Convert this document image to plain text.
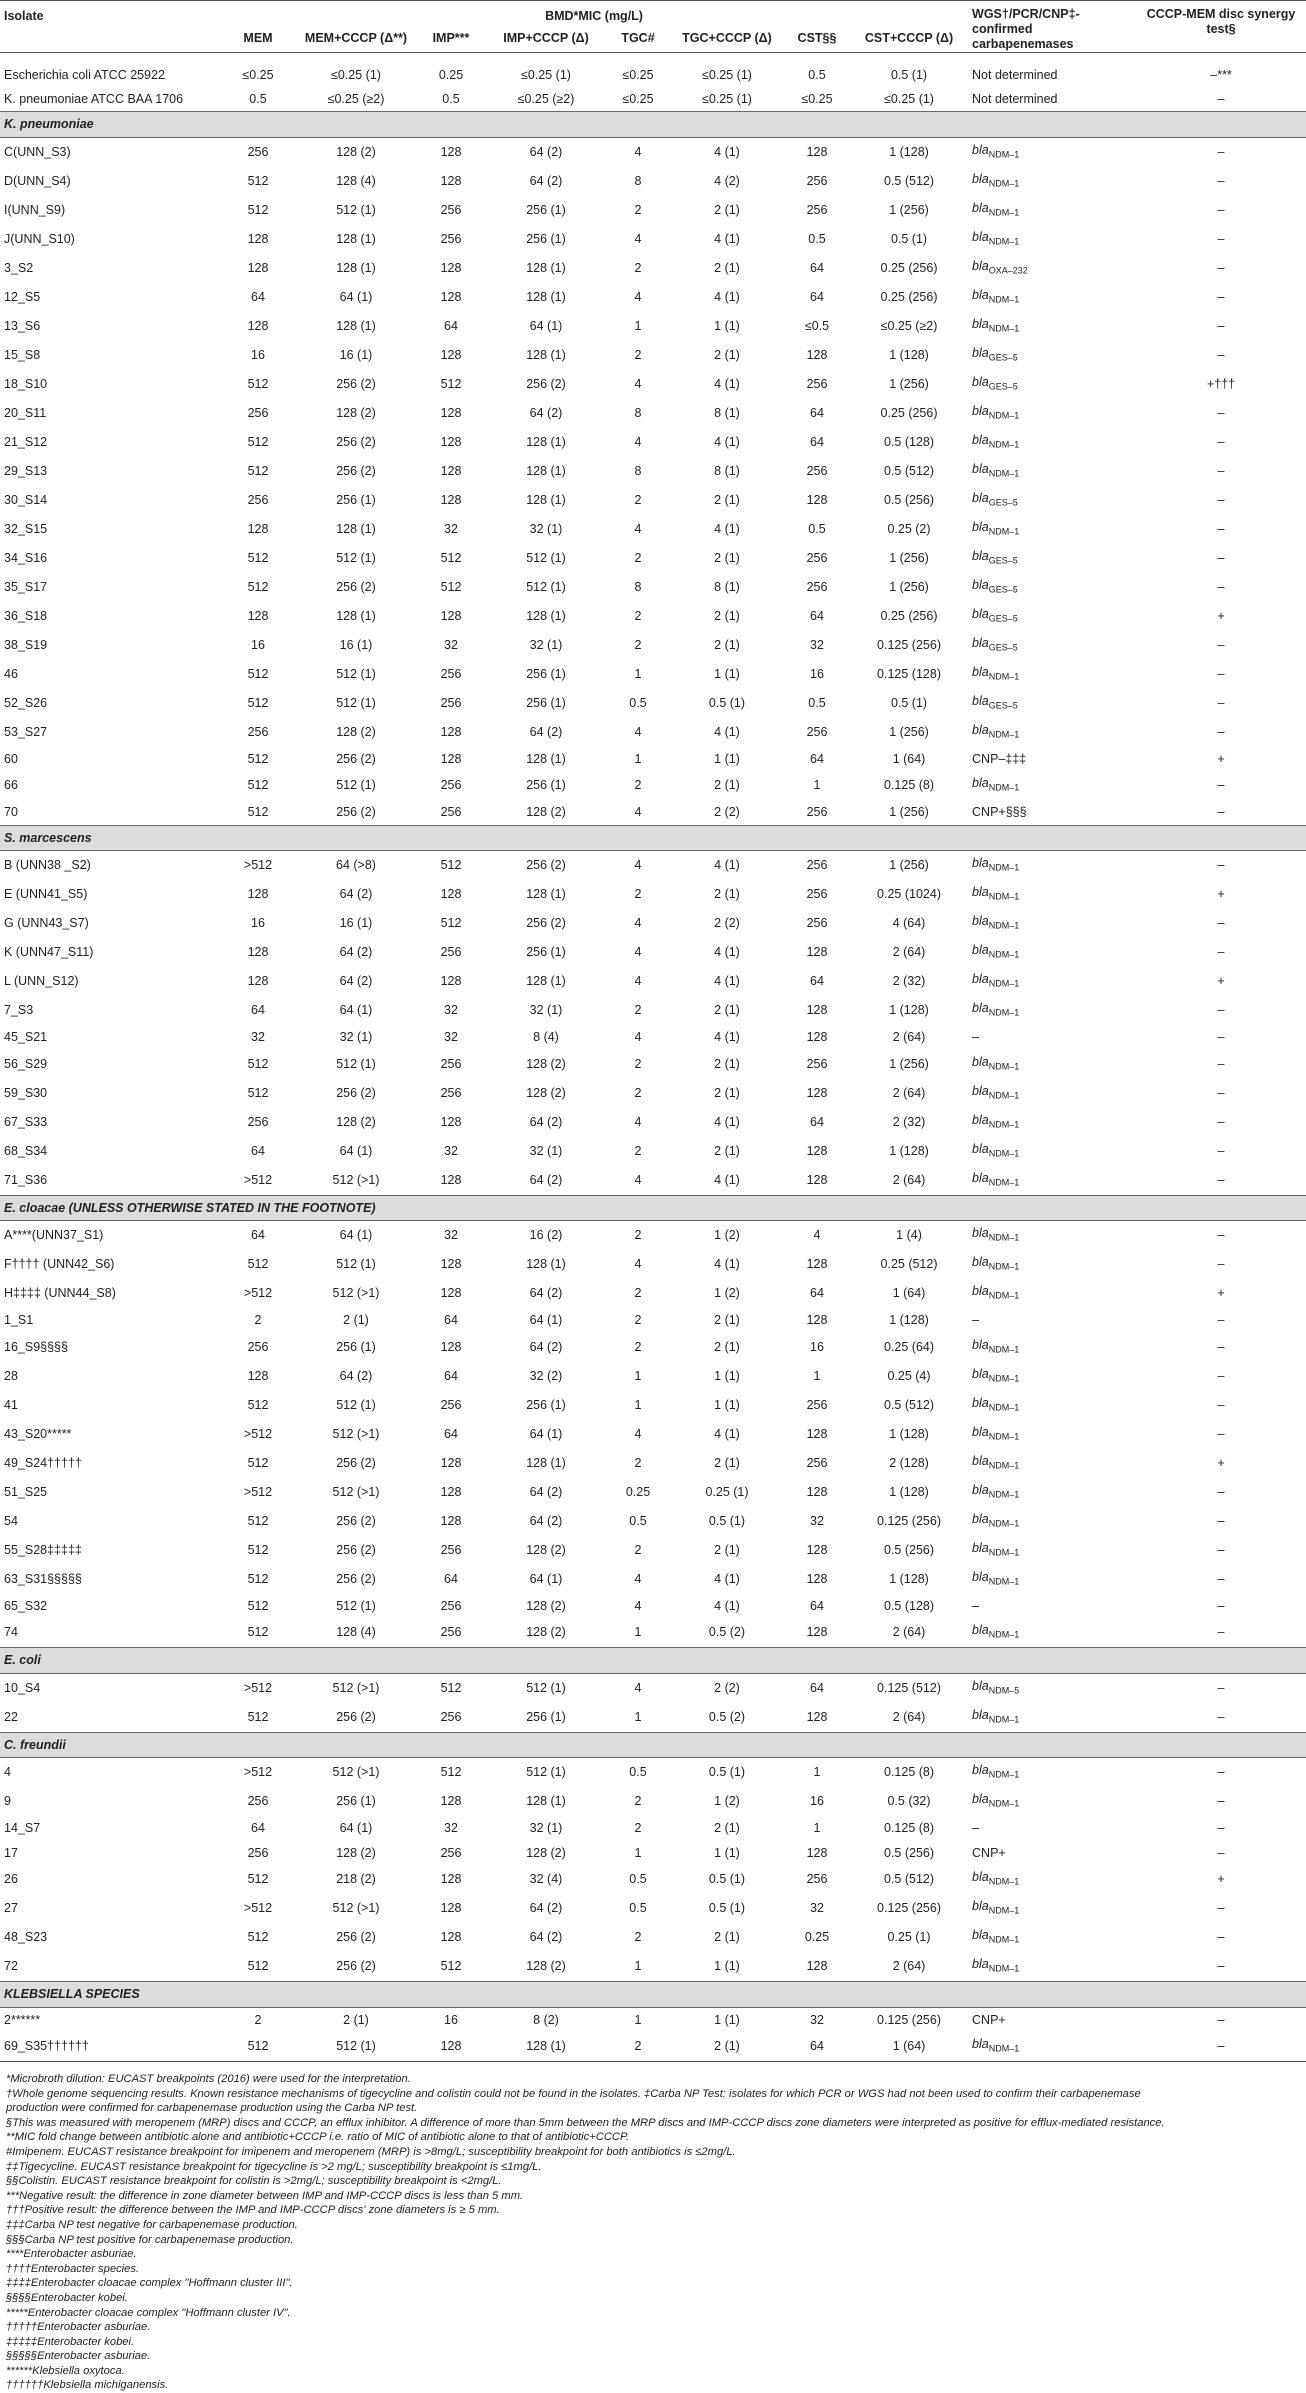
Isolate	BMD*MIC (mg/L)								WGS†/PCR/CNP‡-confirmed carbapenemases	CCCP-MEM disc synergy test§
	MEM	MEM+CCCP (Δ**)	IMP***	IMP+CCCP (Δ)	TGC#	TGC+CCCP (Δ)	CST§§	CST+CCCP (Δ)		

Escherichia coli ATCC 25922	≤0.25	≤0.25 (1)	0.25	≤0.25 (1)	≤0.25	≤0.25 (1)	0.5	0.5 (1)	Not determined	–***
K. pneumoniae ATCC BAA 1706	0.5	≤0.25 (≥2)	0.5	≤0.25 (≥2)	≤0.25	≤0.25 (1)	≤0.25	≤0.25 (1)	Not determined	–
K. pneumoniae										
C(UNN_S3)	256	128 (2)	128	64 (2)	4	4 (1)	128	1 (128)	bla$_{NDM-1}$	–
D(UNN_S4)	512	128 (4)	128	64 (2)	8	4 (2)	256	0.5 (512)	bla$_{NDM-1}$	–
I(UNN_S9)	512	512 (1)	256	256 (1)	2	2 (1)	256	1 (256)	bla$_{NDM-1}$	–
J(UNN_S10)	128	128 (1)	256	256 (1)	4	4 (1)	0.5	0.5 (1)	bla$_{NDM-1}$	–
3_S2	128	128 (1)	128	128 (1)	2	2 (1)	64	0.25 (256)	bla$_{OXA-232}$	–
12_S5	64	64 (1)	128	128 (1)	4	4 (1)	64	0.25 (256)	bla$_{NDM-1}$	–
13_S6	128	128 (1)	64	64 (1)	1	1 (1)	≤0.5	≤0.25 (≥2)	bla$_{NDM-1}$	–
15_S8	16	16 (1)	128	128 (1)	2	2 (1)	128	1 (128)	bla$_{GES-5}$	–
18_S10	512	256 (2)	512	256 (2)	4	4 (1)	256	1 (256)	bla$_{GES-5}$	+†††
20_S11	256	128 (2)	128	64 (2)	8	8 (1)	64	0.25 (256)	bla$_{NDM-1}$	–
21_S12	512	256 (2)	128	128 (1)	4	4 (1)	64	0.5 (128)	bla$_{NDM-1}$	–
29_S13	512	256 (2)	128	128 (1)	8	8 (1)	256	0.5 (512)	bla$_{NDM-1}$	–
30_S14	256	256 (1)	128	128 (1)	2	2 (1)	128	0.5 (256)	bla$_{GES-5}$	–
32_S15	128	128 (1)	32	32 (1)	4	4 (1)	0.5	0.25 (2)	bla$_{NDM-1}$	–
34_S16	512	512 (1)	512	512 (1)	2	2 (1)	256	1 (256)	bla$_{GES-5}$	–
35_S17	512	256 (2)	512	512 (1)	8	8 (1)	256	1 (256)	bla$_{GES-5}$	–
36_S18	128	128 (1)	128	128 (1)	2	2 (1)	64	0.25 (256)	bla$_{GES-5}$	+
38_S19	16	16 (1)	32	32 (1)	2	2 (1)	32	0.125 (256)	bla$_{GES-5}$	–
46	512	512 (1)	256	256 (1)	1	1 (1)	16	0.125 (128)	bla$_{NDM-1}$	–
52_S26	512	512 (1)	256	256 (1)	0.5	0.5 (1)	0.5	0.5 (1)	bla$_{GES-5}$	–
53_S27	256	128 (2)	128	64 (2)	4	4 (1)	256	1 (256)	bla$_{NDM-1}$	–
60	512	256 (2)	128	128 (1)	1	1 (1)	64	1 (64)	CNP–‡‡‡	+
66	512	512 (1)	256	256 (1)	2	2 (1)	1	0.125 (8)	bla$_{NDM-1}$	–
70	512	256 (2)	256	128 (2)	4	2 (2)	256	1 (256)	CNP+§§§	–
S. marcescens										
B (UNN38 _S2)	>512	64 (>8)	512	256 (2)	4	4 (1)	256	1 (256)	bla$_{NDM-1}$	–
E (UNN41_S5)	128	64 (2)	128	128 (1)	2	2 (1)	256	0.25 (1024)	bla$_{NDM-1}$	+
G (UNN43_S7)	16	16 (1)	512	256 (2)	4	2 (2)	256	4 (64)	bla$_{NDM-1}$	–
K (UNN47_S11)	128	64 (2)	256	256 (1)	4	4 (1)	128	2 (64)	bla$_{NDM-1}$	–
L (UNN_S12)	128	64 (2)	128	128 (1)	4	4 (1)	64	2 (32)	bla$_{NDM-1}$	+
7_S3	64	64 (1)	32	32 (1)	2	2 (1)	128	1 (128)	bla$_{NDM-1}$	–
45_S21	32	32 (1)	32	8 (4)	4	4 (1)	128	2 (64)	–	–
56_S29	512	512 (1)	256	128 (2)	2	2 (1)	256	1 (256)	bla$_{NDM-1}$	–
59_S30	512	256 (2)	256	128 (2)	2	2 (1)	128	2 (64)	bla$_{NDM-1}$	–
67_S33	256	128 (2)	128	64 (2)	4	4 (1)	64	2 (32)	bla$_{NDM-1}$	–
68_S34	64	64 (1)	32	32 (1)	2	2 (1)	128	1 (128)	bla$_{NDM-1}$	–
71_S36	>512	512 (>1)	128	64 (2)	4	4 (1)	128	2 (64)	bla$_{NDM-1}$	–
E. cloacae (UNLESS OTHERWISE STATED IN THE FOOTNOTE)										
A****(UNN37_S1)	64	64 (1)	32	16 (2)	2	1 (2)	4	1 (4)	bla$_{NDM-1}$	–
F†††† (UNN42_S6)	512	512 (1)	128	128 (1)	4	4 (1)	128	0.25 (512)	bla$_{NDM-1}$	–
H‡‡‡‡ (UNN44_S8)	>512	512 (>1)	128	64 (2)	2	1 (2)	64	1 (64)	bla$_{NDM-1}$	+
1_S1	2	2 (1)	64	64 (1)	2	2 (1)	128	1 (128)	–	–
16_S9§§§§	256	256 (1)	128	64 (2)	2	2 (1)	16	0.25 (64)	bla$_{NDM-1}$	–
28	128	64 (2)	64	32 (2)	1	1 (1)	1	0.25 (4)	bla$_{NDM-1}$	–
41	512	512 (1)	256	256 (1)	1	1 (1)	256	0.5 (512)	bla$_{NDM-1}$	–
43_S20*****	>512	512 (>1)	64	64 (1)	4	4 (1)	128	1 (128)	bla$_{NDM-1}$	–
49_S24†††††	512	256 (2)	128	128 (1)	2	2 (1)	256	2 (128)	bla$_{NDM-1}$	+
51_S25	>512	512 (>1)	128	64 (2)	0.25	0.25 (1)	128	1 (128)	bla$_{NDM-1}$	–
54	512	256 (2)	128	64 (2)	0.5	0.5 (1)	32	0.125 (256)	bla$_{NDM-1}$	–
55_S28‡‡‡‡‡	512	256 (2)	256	128 (2)	2	2 (1)	128	0.5 (256)	bla$_{NDM-1}$	–
63_S31§§§§§	512	256 (2)	64	64 (1)	4	4 (1)	128	1 (128)	bla$_{NDM-1}$	–
65_S32	512	512 (1)	256	128 (2)	4	4 (1)	64	0.5 (128)	–	–
74	512	128 (4)	256	128 (2)	1	0.5 (2)	128	2 (64)	bla$_{NDM-1}$	–
E. coli										
10_S4	>512	512 (>1)	512	512 (1)	4	2 (2)	64	0.125 (512)	bla$_{NDM-5}$	–
22	512	256 (2)	256	256 (1)	1	0.5 (2)	128	2 (64)	bla$_{NDM-1}$	–
C. freundii										
4	>512	512 (>1)	512	512 (1)	0.5	0.5 (1)	1	0.125 (8)	bla$_{NDM-1}$	–
9	256	256 (1)	128	128 (1)	2	1 (2)	16	0.5 (32)	bla$_{NDM-1}$	–
14_S7	64	64 (1)	32	32 (1)	2	2 (1)	1	0.125 (8)	–	–
17	256	128 (2)	256	128 (2)	1	1 (1)	128	0.5 (256)	CNP+	–
26	512	218 (2)	128	32 (4)	0.5	0.5 (1)	256	0.5 (512)	bla$_{NDM-1}$	+
27	>512	512 (>1)	128	64 (2)	0.5	0.5 (1)	32	0.125 (256)	bla$_{NDM-1}$	–
48_S23	512	256 (2)	128	64 (2)	2	2 (1)	0.25	0.25 (1)	bla$_{NDM-1}$	–
72	512	256 (2)	512	128 (2)	1	1 (1)	128	2 (64)	bla$_{NDM-1}$	–
KLEBSIELLA SPECIES										
2******	2	2 (1)	16	8 (2)	1	1 (1)	32	0.125 (256)	CNP+	–
69_S35††††††	512	512 (1)	128	128 (1)	2	2 (1)	64	1 (64)	bla$_{NDM-1}$	–
*Microbroth dilution: EUCAST breakpoints (2016) were used for the interpretation.
†Whole genome sequencing results. Known resistance mechanisms of tigecycline and colistin could not be found in the isolates. ‡Carba NP Test: isolates for which PCR or WGS had not been used to confirm their carbapenemase
production were confirmed for carbapenemase production using the Carba NP test.
§This was measured with meropenem (MRP) discs and CCCP, an efflux inhibitor. A difference of more than 5mm between the MRP discs and IMP-CCCP discs zone diameters were interpreted as positive for efflux-mediated resistance.
**MIC fold change between antibiotic alone and antibiotic+CCCP i.e. ratio of MIC of antibiotic alone to that of antibiotic+CCCP.
#Imipenem. EUCAST resistance breakpoint for imipenem and meropenem (MRP) is >8mg/L; susceptibility breakpoint for both antibiotics is ≤2mg/L.
‡‡Tigecycline. EUCAST resistance breakpoint for tigecycline is >2 mg/L; susceptibility breakpoint is ≤1mg/L.
§§Colistin. EUCAST resistance breakpoint for colistin is >2mg/L; susceptibility breakpoint is <2mg/L.
***Negative result: the difference in zone diameter between IMP and IMP-CCCP discs is less than 5 mm.
†††Positive result: the difference between the IMP and IMP-CCCP discs' zone diameters is ≥ 5 mm.
‡‡‡Carba NP test negative for carbapenemase production.
§§§Carba NP test positive for carbapenemase production.
****Enterobacter asburiae.
††††Enterobacter species.
‡‡‡‡Enterobacter cloacae complex "Hoffmann cluster III".
§§§§Enterobacter kobei.
*****Enterobacter cloacae complex "Hoffmann cluster IV".
†††††Enterobacter asburiae.
‡‡‡‡‡Enterobacter kobei.
§§§§§Enterobacter asburiae.
******Klebsiella oxytoca.
††††††Klebsiella michiganensis.
